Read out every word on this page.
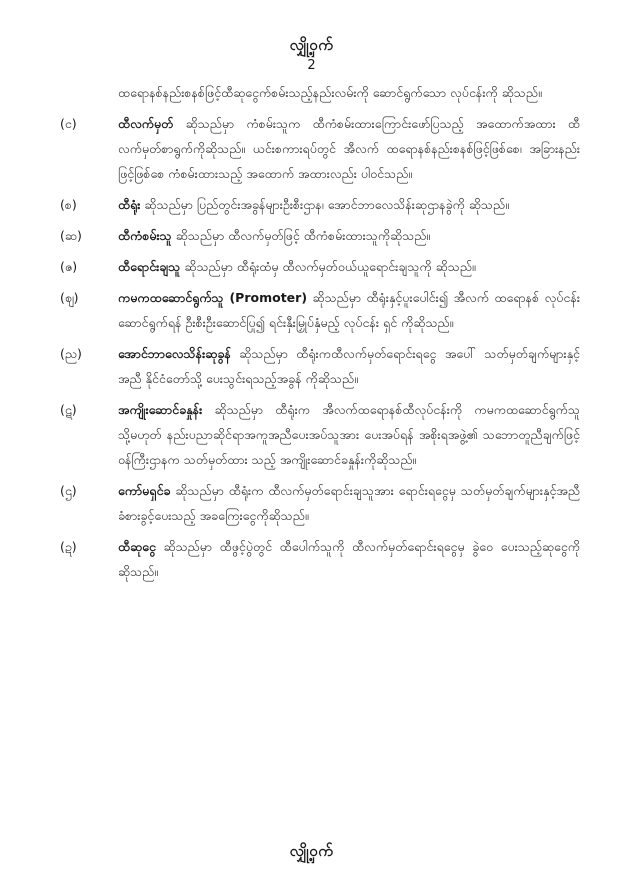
လျှို့ဝှက်
2

ထရောနစ်နည်းစနစ်ဖြင့်ထီဆုငွေက်စမ်းသည့်နည်းလမ်းကို ဆောင်ရွက်သော လုပ်ငန်းကို ဆိုသည်။

(င)	ထီလက်မှတ် ဆိုသည်မှာ ကံစမ်းသူက ထီကံစမ်းထားကြောင်းဖော်ပြသည့် အထောက်အထား ထီလက်မှတ်စာရွက်ကိုဆိုသည်။ ယင်းစကားရပ်တွင် အီလက် ထရောနစ်နည်းစနစ်ဖြင့်ဖြစ်စေ၊ အခြားနည်းဖြင့်ဖြစ်စေ ကံစမ်းထားသည့် အထောက် အထားလည်း ပါဝင်သည်။
(စ)	ထီရုံး ဆိုသည်မှာ ပြည်တွင်းအခွန်များဦးစီးဌာန၊ အောင်ဘာလေသိန်းဆုဌာနခွဲကို ဆိုသည်။
(ဆ)	ထီကံစမ်းသူ ဆိုသည်မှာ ထီလက်မှတ်ဖြင့် ထီကံစမ်းထားသူကိုဆိုသည်။
(ဇ)	ထီရောင်းချသူ ဆိုသည်မှာ ထီရုံးထံမှ ထီလက်မှတ်ဝယ်ယူရောင်းချသူကို ဆိုသည်။
(ဈ)	ကမကထဆောင်ရွက်သူ (Promoter) ဆိုသည်မှာ ထီရုံးနှင့်ပူးပေါင်း၍ အီလက် ထရောနစ် လုပ်ငန်းဆောင်ရွက်ရန် ဦးစီးဦးဆောင်ပြု၍ ရင်းနှီးမြှုပ်နှံမည့် လုပ်ငန်း ရှင် ကိုဆိုသည်။
(ည)	အောင်ဘာလေသိန်းဆုခွန် ဆိုသည်မှာ ထီရုံးကထီလက်မှတ်ရောင်းရငွေ အပေါ် သတ်မှတ်ချက်များနှင့်အညီ နိုင်ငံတော်သို့ ပေးသွင်းရသည့်အခွန် ကိုဆိုသည်။
(ဋ)	အကျိုးဆောင်ခနှုန်း ဆိုသည်မှာ ထီရုံးက အီလက်ထရောနစ်ထီလုပ်ငန်းကို ကမကထဆောင်ရွက်သူ သို့မဟုတ် နည်းပညာဆိုင်ရာအကူအညီပေးအပ်သူအား ပေးအပ်ရန် အစိုးရအဖွဲ့၏ သဘောတူညီချက်ဖြင့် ဝန်ကြီးဌာနက သတ်မှတ်ထား သည့် အကျိုးဆောင်ခနှုန်းကိုဆိုသည်။
(ဌ)	ကော်မရှင်ခ ဆိုသည်မှာ ထီရုံးက ထီလက်မှတ်ရောင်းချသူအား ရောင်းရငွေမှ သတ်မှတ်ချက်များနှင့်အညီ ခံစားခွင့်ပေးသည့် အခကြေးငွေကိုဆိုသည်။
(ဍ)	ထီဆုငွေ ဆိုသည်မှာ ထီဖွင့်ပွဲတွင် ထီပေါက်သူကို ထီလက်မှတ်ရောင်းရငွေမှ ခွဲဝေ ပေးသည့်ဆုငွေကိုဆိုသည်။
လျှို့ဝှက်
